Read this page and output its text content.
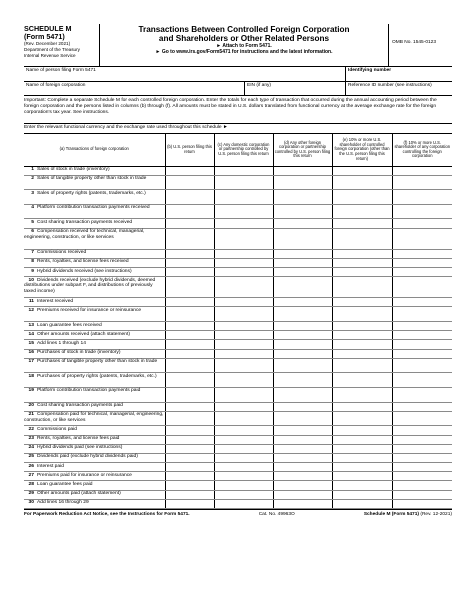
SCHEDULE M
(Form 5471)
(Rev. December 2021)
Department of the Treasury
Internal Revenue Service
Transactions Between Controlled Foreign Corporation
and Shareholders or Other Related Persons
► Attach to Form 5471.
► Go to www.irs.gov/Form5471 for instructions and the latest information.
OMB No. 1545-0123
Name of person filing Form 5471	Identifying number
Name of foreign corporation	EIN (if any)	Reference ID number (see instructions)
Important: Complete a separate Schedule M for each controlled foreign corporation. Enter the totals for each type of transaction that occurred during the annual accounting period between the foreign corporation and the persons listed in columns (b) through (f). All amounts must be stated in U.S. dollars translated from functional currency at the average exchange rate for the foreign corporation's tax year. See instructions.
Enter the relevant functional currency and the exchange rate used throughout this schedule ►
(a) Transactions of foreign corporation	(b) U.S. person filing this return	(c) Any domestic corporation or partnership controlled by U.S. person filing this return	(d) Any other foreign corporation or partnership controlled by U.S. person filing this return	(e) 10% or more U.S. shareholder of controlled foreign corporation (other than the U.S. person filing this return)	(f) 10% or more U.S. shareholder of any corporation controlling the foreign corporation
1 Sales of stock in trade (inventory)					
2 Sales of tangible property other than stock in trade					
3 Sales of property rights (patents, trademarks, etc.)					
4 Platform contribution transaction payments received					
5 Cost sharing transaction payments received					
6 Compensation received for technical, managerial, engineering, construction, or like services					
7 Commissions received					
8 Rents, royalties, and license fees received					
9 Hybrid dividends received (see instructions)					
10 Dividends received (exclude hybrid dividends, deemed distributions under subpart F, and distributions of previously taxed income)					
11 Interest received					
12 Premiums received for insurance or reinsurance					
13 Loan guarantee fees received					
14 Other amounts received (attach statement)					
15 Add lines 1 through 14					
16 Purchases of stock in trade (inventory)					
17 Purchases of tangible property other than stock in trade					
18 Purchases of property rights (patents, trademarks, etc.)					
19 Platform contribution transaction payments paid					
20 Cost sharing transaction payments paid					
21 Compensation paid for technical, managerial, engineering, construction, or like services					
22 Commissions paid					
23 Rents, royalties, and license fees paid					
24 Hybrid dividends paid (see instructions)					
25 Dividends paid (exclude hybrid dividends paid)					
26 Interest paid					
27 Premiums paid for insurance or reinsurance					
28 Loan guarantee fees paid					
29 Other amounts paid (attach statement)					
30 Add lines 16 through 29					
For Paperwork Reduction Act Notice, see the Instructions for Form 5471.	Cat. No. 49963O	Schedule M (Form 5471) (Rev. 12-2021)
